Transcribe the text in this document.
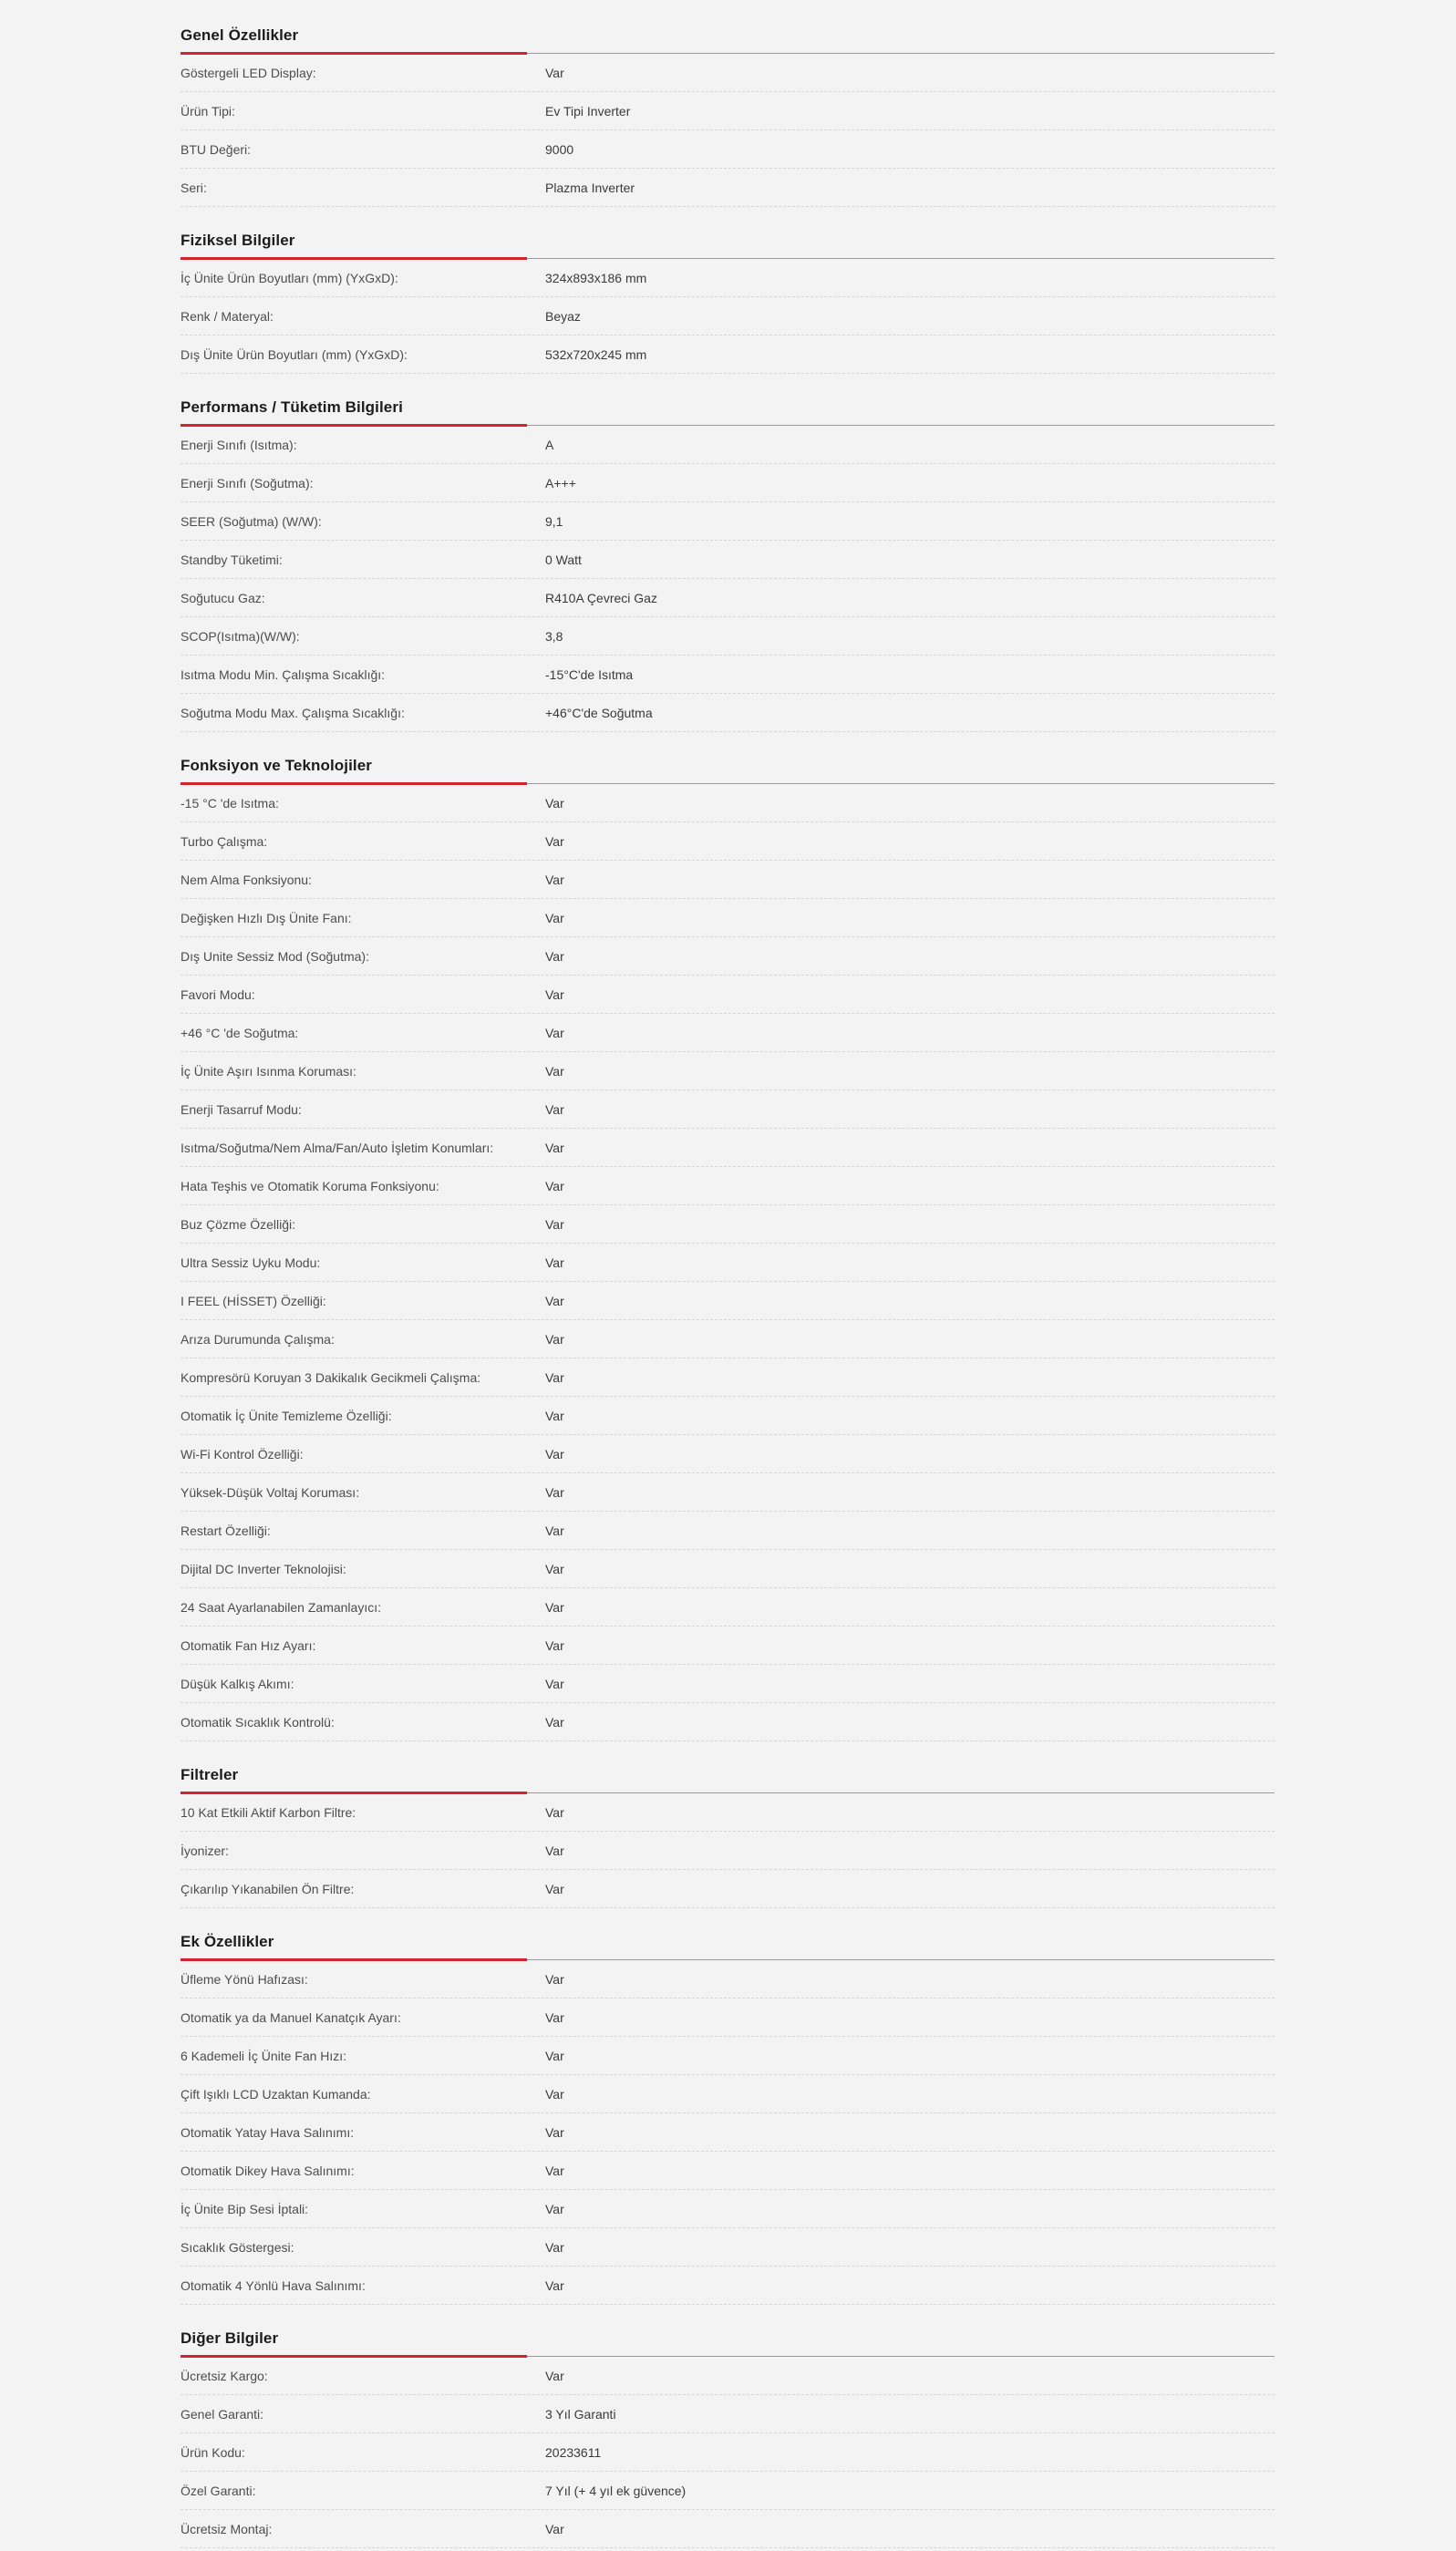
Genel Özellikler
Göstergeli LED Display:	Var
Ürün Tipi:	Ev Tipi Inverter
BTU Değeri:	9000
Seri:	Plazma Inverter
Fiziksel Bilgiler
İç Ünite Ürün Boyutları (mm) (YxGxD):	324x893x186 mm
Renk / Materyal:	Beyaz
Dış Ünite Ürün Boyutları (mm) (YxGxD):	532x720x245 mm
Performans / Tüketim Bilgileri
Enerji Sınıfı (Isıtma):	A
Enerji Sınıfı (Soğutma):	A+++
SEER (Soğutma) (W/W):	9,1
Standby Tüketimi:	0 Watt
Soğutucu Gaz:	R410A Çevreci Gaz
SCOP(Isıtma)(W/W):	3,8
Isıtma Modu Min. Çalışma Sıcaklığı:	-15°C'de Isıtma
Soğutma Modu Max. Çalışma Sıcaklığı:	+46°C'de Soğutma
Fonksiyon ve Teknolojiler
-15 °C 'de Isıtma:	Var
Turbo Çalışma:	Var
Nem Alma Fonksiyonu:	Var
Değişken Hızlı Dış Ünite Fanı:	Var
Dış Unite Sessiz Mod (Soğutma):	Var
Favori Modu:	Var
+46 °C 'de Soğutma:	Var
İç Ünite Aşırı Isınma Koruması:	Var
Enerji Tasarruf Modu:	Var
Isıtma/Soğutma/Nem Alma/Fan/Auto İşletim Konumları:	Var
Hata Teşhis ve Otomatik Koruma Fonksiyonu:	Var
Buz Çözme Özelliği:	Var
Ultra Sessiz Uyku Modu:	Var
I FEEL (HİSSET) Özelliği:	Var
Arıza Durumunda Çalışma:	Var
Kompresörü Koruyan 3 Dakikalık Gecikmeli Çalışma:	Var
Otomatik İç Ünite Temizleme Özelliği:	Var
Wi-Fi Kontrol Özelliği:	Var
Yüksek-Düşük Voltaj Koruması:	Var
Restart Özelliği:	Var
Dijital DC Inverter Teknolojisi:	Var
24 Saat Ayarlanabilen Zamanlayıcı:	Var
Otomatik Fan Hız Ayarı:	Var
Düşük Kalkış Akımı:	Var
Otomatik Sıcaklık Kontrolü:	Var
Filtreler
10 Kat Etkili Aktif Karbon Filtre:	Var
İyonizer:	Var
Çıkarılıp Yıkanabilen Ön Filtre:	Var
Ek Özellikler
Üfleme Yönü Hafızası:	Var
Otomatik ya da Manuel Kanatçık Ayarı:	Var
6 Kademeli İç Ünite Fan Hızı:	Var
Çift Işıklı LCD Uzaktan Kumanda:	Var
Otomatik Yatay Hava Salınımı:	Var
Otomatik Dikey Hava Salınımı:	Var
İç Ünite Bip Sesi İptali:	Var
Sıcaklık Göstergesi:	Var
Otomatik 4 Yönlü Hava Salınımı:	Var
Diğer Bilgiler
Ücretsiz Kargo:	Var
Genel Garanti:	3 Yıl Garanti
Ürün Kodu:	20233611
Özel Garanti:	7 Yıl (+ 4 yıl ek güvence)
Ücretsiz Montaj:	Var
